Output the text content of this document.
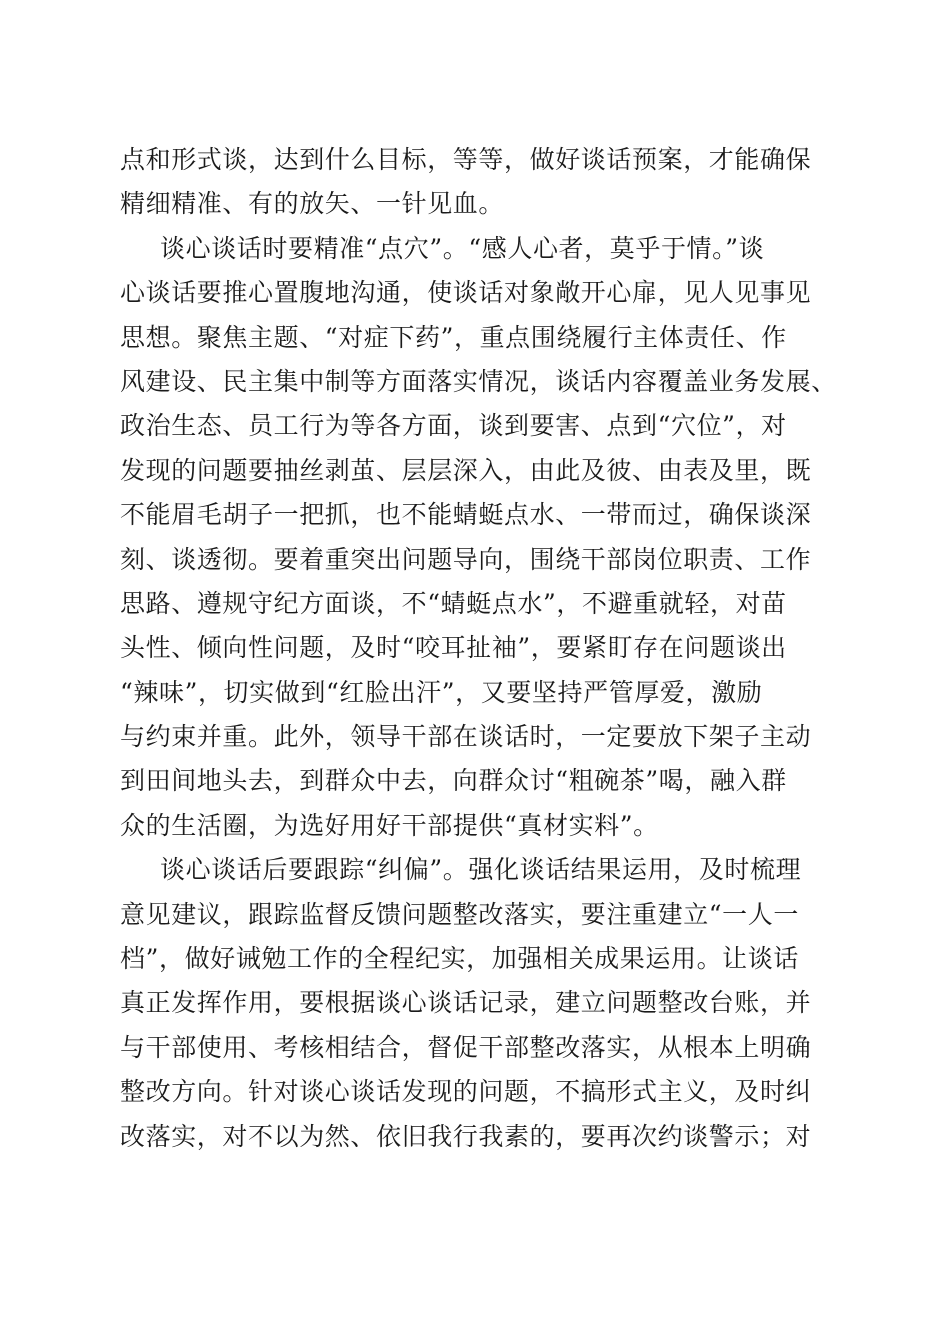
点和形式谈，达到什么目标，等等，做好谈话预案，才能确保
精细精准、有的放矢、一针见血。
谈心谈话时要精准“点穴”。“感人心者，莫乎于情。”谈
心谈话要推心置腹地沟通，使谈话对象敞开心扉，见人见事见
思想。聚焦主题、“对症下药”，重点围绕履行主体责任、作
风建设、民主集中制等方面落实情况，谈话内容覆盖业务发展、
政治生态、员工行为等各方面，谈到要害、点到“穴位”，对
发现的问题要抽丝剥茧、层层深入，由此及彼、由表及里，既
不能眉毛胡子一把抓，也不能蜻蜓点水、一带而过，确保谈深
刻、谈透彻。要着重突出问题导向，围绕干部岗位职责、工作
思路、遵规守纪方面谈，不“蜻蜓点水”，不避重就轻，对苗
头性、倾向性问题，及时“咬耳扯袖”，要紧盯存在问题谈出
“辣味”，切实做到“红脸出汗”，又要坚持严管厚爱，激励
与约束并重。此外，领导干部在谈话时，一定要放下架子主动
到田间地头去，到群众中去，向群众讨“粗碗茶”喝，融入群
众的生活圈，为选好用好干部提供“真材实料”。
谈心谈话后要跟踪“纠偏”。强化谈话结果运用，及时梳理
意见建议，跟踪监督反馈问题整改落实，要注重建立“一人一
档”，做好诫勉工作的全程纪实，加强相关成果运用。让谈话
真正发挥作用，要根据谈心谈话记录，建立问题整改台账，并
与干部使用、考核相结合，督促干部整改落实，从根本上明确
整改方向。针对谈心谈话发现的问题，不搞形式主义，及时纠
改落实，对不以为然、依旧我行我素的，要再次约谈警示；对
